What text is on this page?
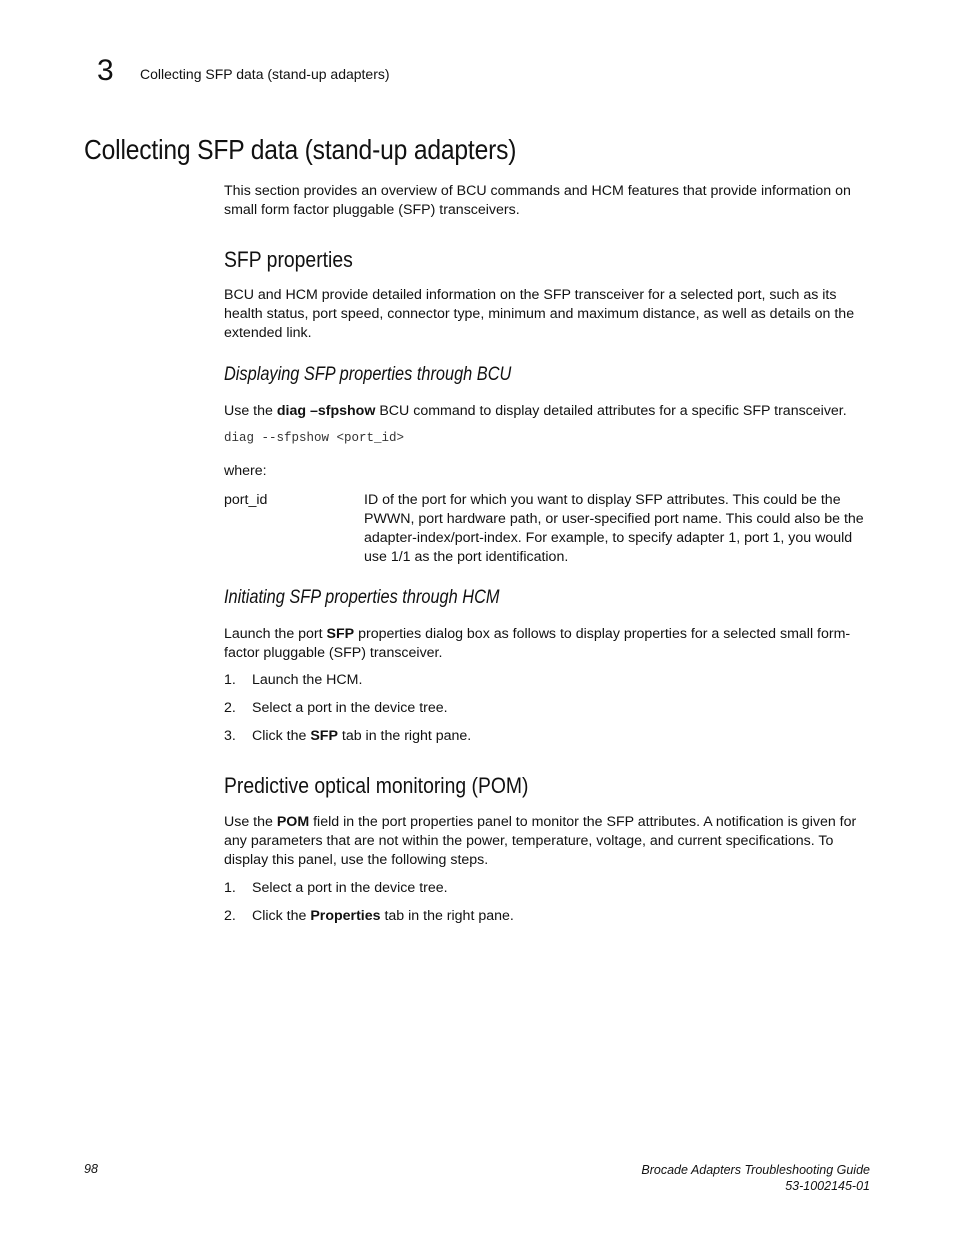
3 Collecting SFP data (stand-up adapters)
Collecting SFP data (stand-up adapters)
This section provides an overview of BCU commands and HCM features that provide information on small form factor pluggable (SFP) transceivers.
SFP properties
BCU and HCM provide detailed information on the SFP transceiver for a selected port, such as its health status, port speed, connector type, minimum and maximum distance, as well as details on the extended link.
Displaying SFP properties through BCU
Use the diag –sfpshow BCU command to display detailed attributes for a specific SFP transceiver.
diag --sfpshow <port_id>
where:
port_id	ID of the port for which you want to display SFP attributes. This could be the PWWN, port hardware path, or user-specified port name. This could also be the adapter-index/port-index. For example, to specify adapter 1, port 1, you would use 1/1 as the port identification.
Initiating SFP properties through HCM
Launch the port SFP properties dialog box as follows to display properties for a selected small form-factor pluggable (SFP) transceiver.
1. Launch the HCM.
2. Select a port in the device tree.
3. Click the SFP tab in the right pane.
Predictive optical monitoring (POM)
Use the POM field in the port properties panel to monitor the SFP attributes. A notification is given for any parameters that are not within the power, temperature, voltage, and current specifications. To display this panel, use the following steps.
1. Select a port in the device tree.
2. Click the Properties tab in the right pane.
98	Brocade Adapters Troubleshooting Guide
53-1002145-01
